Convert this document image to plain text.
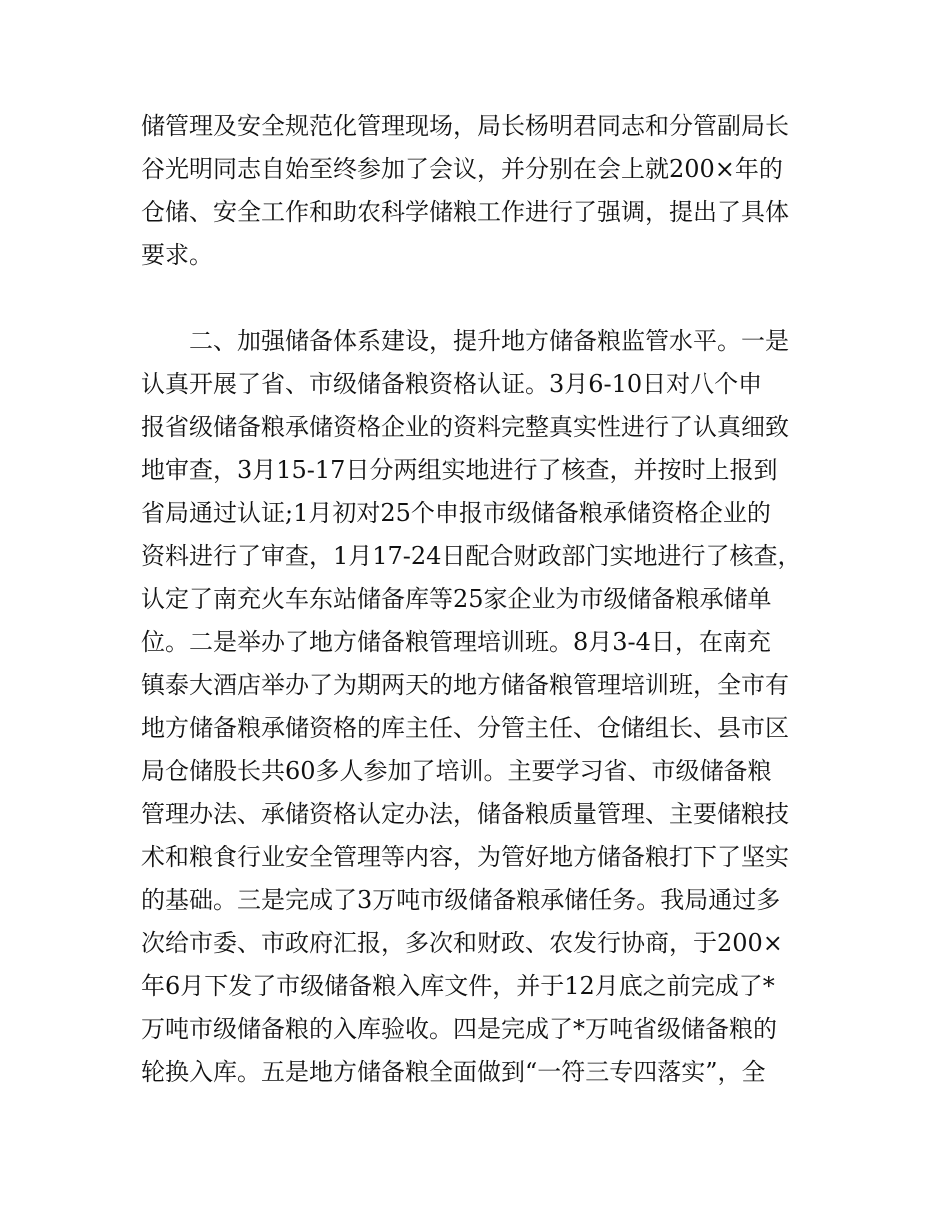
储管理及安全规范化管理现场，局长杨明君同志和分管副局长
谷光明同志自始至终参加了会议，并分别在会上就200×年的
仓储、安全工作和助农科学储粮工作进行了强调，提出了具体
要求。
　　二、加强储备体系建设，提升地方储备粮监管水平。一是
认真开展了省、市级储备粮资格认证。3月6-10日对八个申
报省级储备粮承储资格企业的资料完整真实性进行了认真细致
地审查，3月15-17日分两组实地进行了核查，并按时上报到
省局通过认证;1月初对25个申报市级储备粮承储资格企业的
资料进行了审查，1月17-24日配合财政部门实地进行了核查，
认定了南充火车东站储备库等25家企业为市级储备粮承储单
位。二是举办了地方储备粮管理培训班。8月3-4日，在南充
镇泰大酒店举办了为期两天的地方储备粮管理培训班，全市有
地方储备粮承储资格的库主任、分管主任、仓储组长、县市区
局仓储股长共60多人参加了培训。主要学习省、市级储备粮
管理办法、承储资格认定办法，储备粮质量管理、主要储粮技
术和粮食行业安全管理等内容，为管好地方储备粮打下了坚实
的基础。三是完成了3万吨市级储备粮承储任务。我局通过多
次给市委、市政府汇报，多次和财政、农发行协商，于200×
年6月下发了市级储备粮入库文件，并于12月底之前完成了*
万吨市级储备粮的入库验收。四是完成了*万吨省级储备粮的
轮换入库。五是地方储备粮全面做到“一符三专四落实”，全
